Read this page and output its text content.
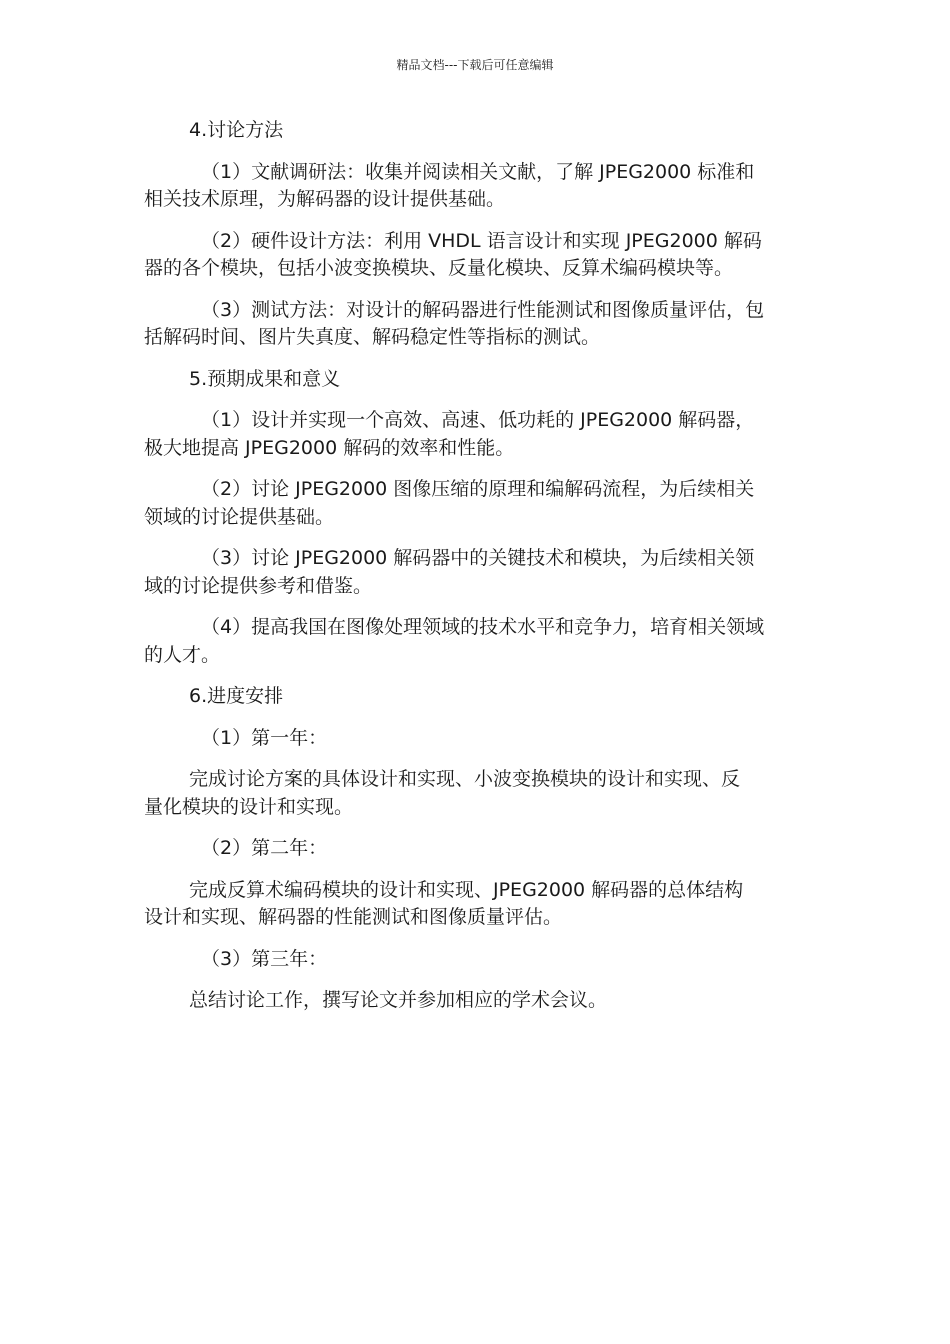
精品文档---下载后可任意编辑
4.讨论方法
（1）文献调研法：收集并阅读相关文献，了解 JPEG2000 标准和
相关技术原理，为解码器的设计提供基础。
（2）硬件设计方法：利用 VHDL 语言设计和实现 JPEG2000 解码
器的各个模块，包括小波变换模块、反量化模块、反算术编码模块等。
（3）测试方法：对设计的解码器进行性能测试和图像质量评估，包
括解码时间、图片失真度、解码稳定性等指标的测试。
5.预期成果和意义
（1）设计并实现一个高效、高速、低功耗的 JPEG2000 解码器，
极大地提高 JPEG2000 解码的效率和性能。
（2）讨论 JPEG2000 图像压缩的原理和编解码流程，为后续相关
领域的讨论提供基础。
（3）讨论 JPEG2000 解码器中的关键技术和模块，为后续相关领
域的讨论提供参考和借鉴。
（4）提高我国在图像处理领域的技术水平和竞争力，培育相关领域
的人才。
6.进度安排
（1）第一年：
完成讨论方案的具体设计和实现、小波变换模块的设计和实现、反
量化模块的设计和实现。
（2）第二年：
完成反算术编码模块的设计和实现、JPEG2000 解码器的总体结构
设计和实现、解码器的性能测试和图像质量评估。
（3）第三年：
总结讨论工作，撰写论文并参加相应的学术会议。
